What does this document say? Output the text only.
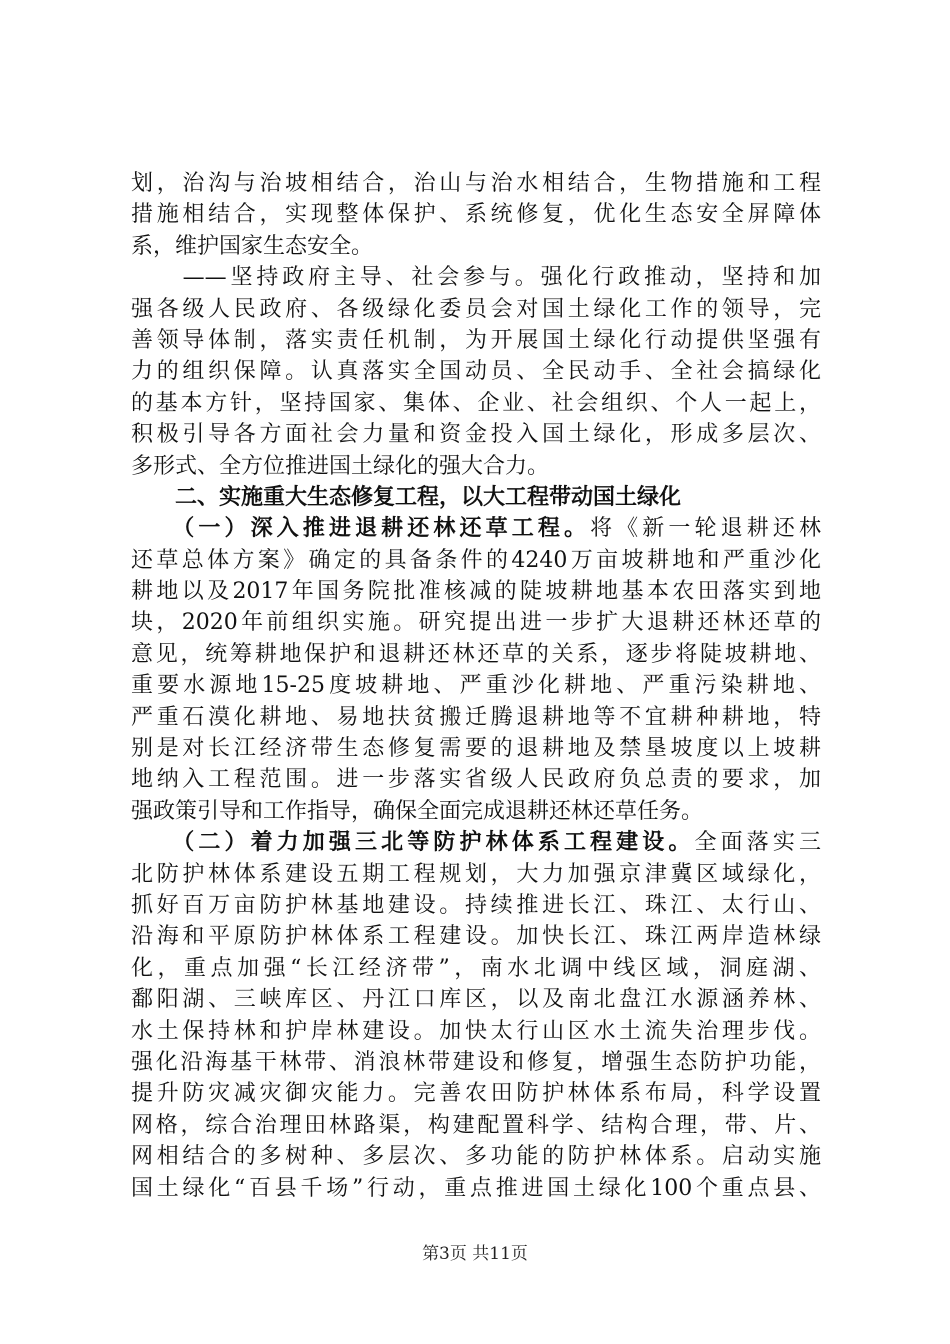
划，治沟与治坡相结合，治山与治水相结合，生物措施和工程
措施相结合，实现整体保护、系统修复，优化生态安全屏障体
系，维护国家生态安全。
　　——坚持政府主导、社会参与。强化行政推动，坚持和加
强各级人民政府、各级绿化委员会对国土绿化工作的领导，完
善领导体制，落实责任机制，为开展国土绿化行动提供坚强有
力的组织保障。认真落实全国动员、全民动手、全社会搞绿化
的基本方针，坚持国家、集体、企业、社会组织、个人一起上，
积极引导各方面社会力量和资金投入国土绿化，形成多层次、
多形式、全方位推进国土绿化的强大合力。
　　二、实施重大生态修复工程，以大工程带动国土绿化
　　（一）深入推进退耕还林还草工程。将《新一轮退耕还林
还草总体方案》确定的具备条件的4240万亩坡耕地和严重沙化
耕地以及2017年国务院批准核减的陡坡耕地基本农田落实到地
块，2020年前组织实施。研究提出进一步扩大退耕还林还草的
意见，统筹耕地保护和退耕还林还草的关系，逐步将陡坡耕地、
重要水源地15-25度坡耕地、严重沙化耕地、严重污染耕地、
严重石漠化耕地、易地扶贫搬迁腾退耕地等不宜耕种耕地，特
别是对长江经济带生态修复需要的退耕地及禁垦坡度以上坡耕
地纳入工程范围。进一步落实省级人民政府负总责的要求，加
强政策引导和工作指导，确保全面完成退耕还林还草任务。
　　（二）着力加强三北等防护林体系工程建设。全面落实三
北防护林体系建设五期工程规划，大力加强京津冀区域绿化，
抓好百万亩防护林基地建设。持续推进长江、珠江、太行山、
沿海和平原防护林体系工程建设。加快长江、珠江两岸造林绿
化，重点加强“长江经济带”，南水北调中线区域，洞庭湖、
鄱阳湖、三峡库区、丹江口库区，以及南北盘江水源涵养林、
水土保持林和护岸林建设。加快太行山区水土流失治理步伐。
强化沿海基干林带、消浪林带建设和修复，增强生态防护功能，
提升防灾减灾御灾能力。完善农田防护林体系布局，科学设置
网格，综合治理田林路渠，构建配置科学、结构合理，带、片、
网相结合的多树种、多层次、多功能的防护林体系。启动实施
国土绿化“百县千场”行动，重点推进国土绿化100个重点县、
第3页 共11页
